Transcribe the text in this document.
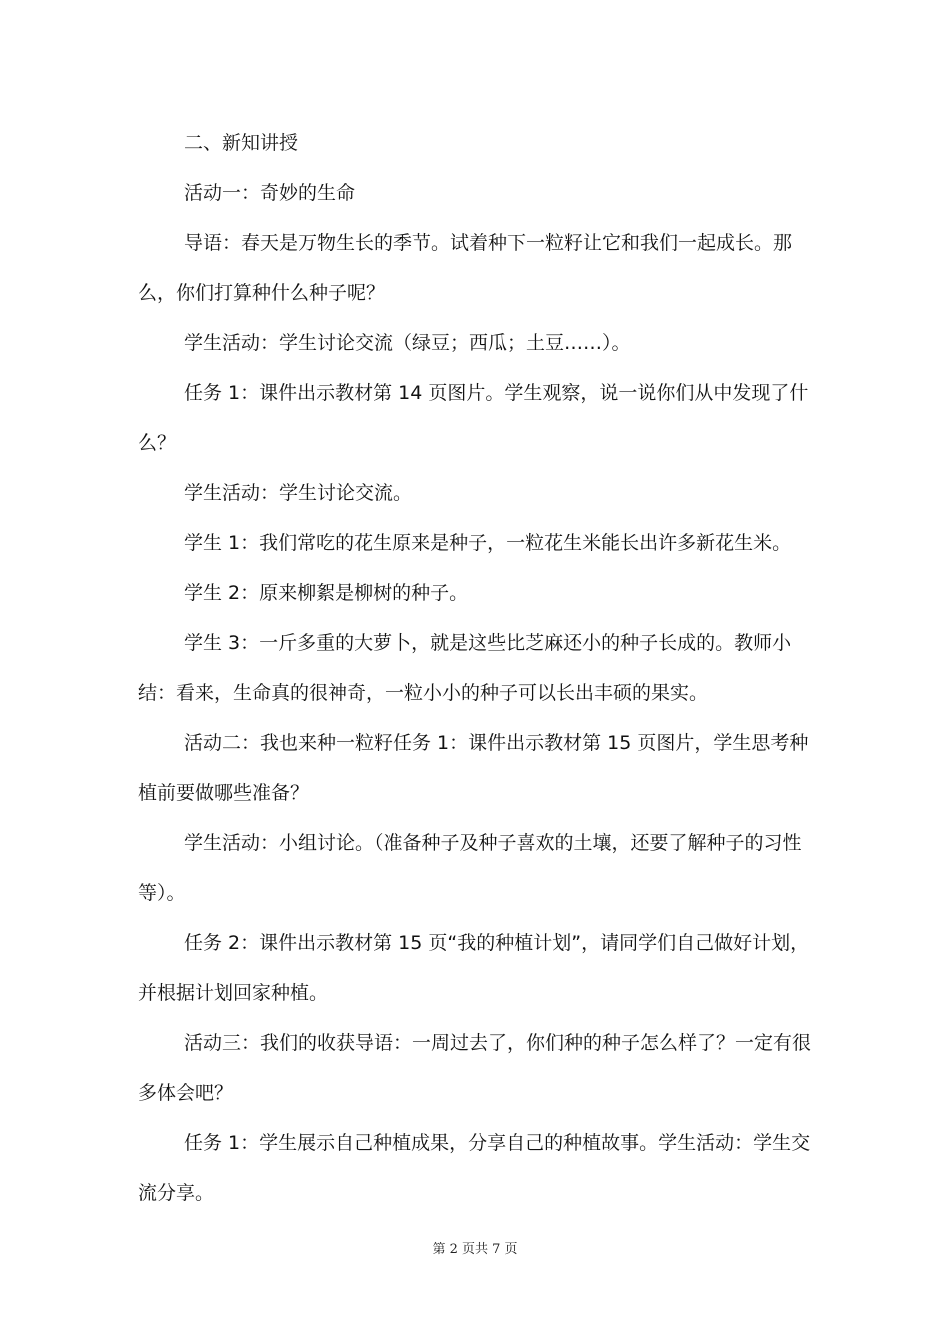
二、新知讲授

活动一：奇妙的生命

导语：春天是万物生长的季节。试着种下一粒籽让它和我们一起成长。那么，你们打算种什么种子呢？

学生活动：学生讨论交流（绿豆；西瓜；土豆……）。

任务 1：课件出示教材第 14 页图片。学生观察，说一说你们从中发现了什么？

学生活动：学生讨论交流。

学生 1：我们常吃的花生原来是种子，一粒花生米能长出许多新花生米。

学生 2：原来柳絮是柳树的种子。

学生 3：一斤多重的大萝卜，就是这些比芝麻还小的种子长成的。教师小结：看来，生命真的很神奇，一粒小小的种子可以长出丰硕的果实。

活动二：我也来种一粒籽任务 1：课件出示教材第 15 页图片，学生思考种植前要做哪些准备？

学生活动：小组讨论。（准备种子及种子喜欢的土壤，还要了解种子的习性等）。

任务 2：课件出示教材第 15 页“我的种植计划”，请同学们自己做好计划，并根据计划回家种植。

活动三：我们的收获导语：一周过去了，你们种的种子怎么样了？一定有很多体会吧？

任务 1：学生展示自己种植成果，分享自己的种植故事。学生活动：学生交流分享。

第 2 页共 7 页
